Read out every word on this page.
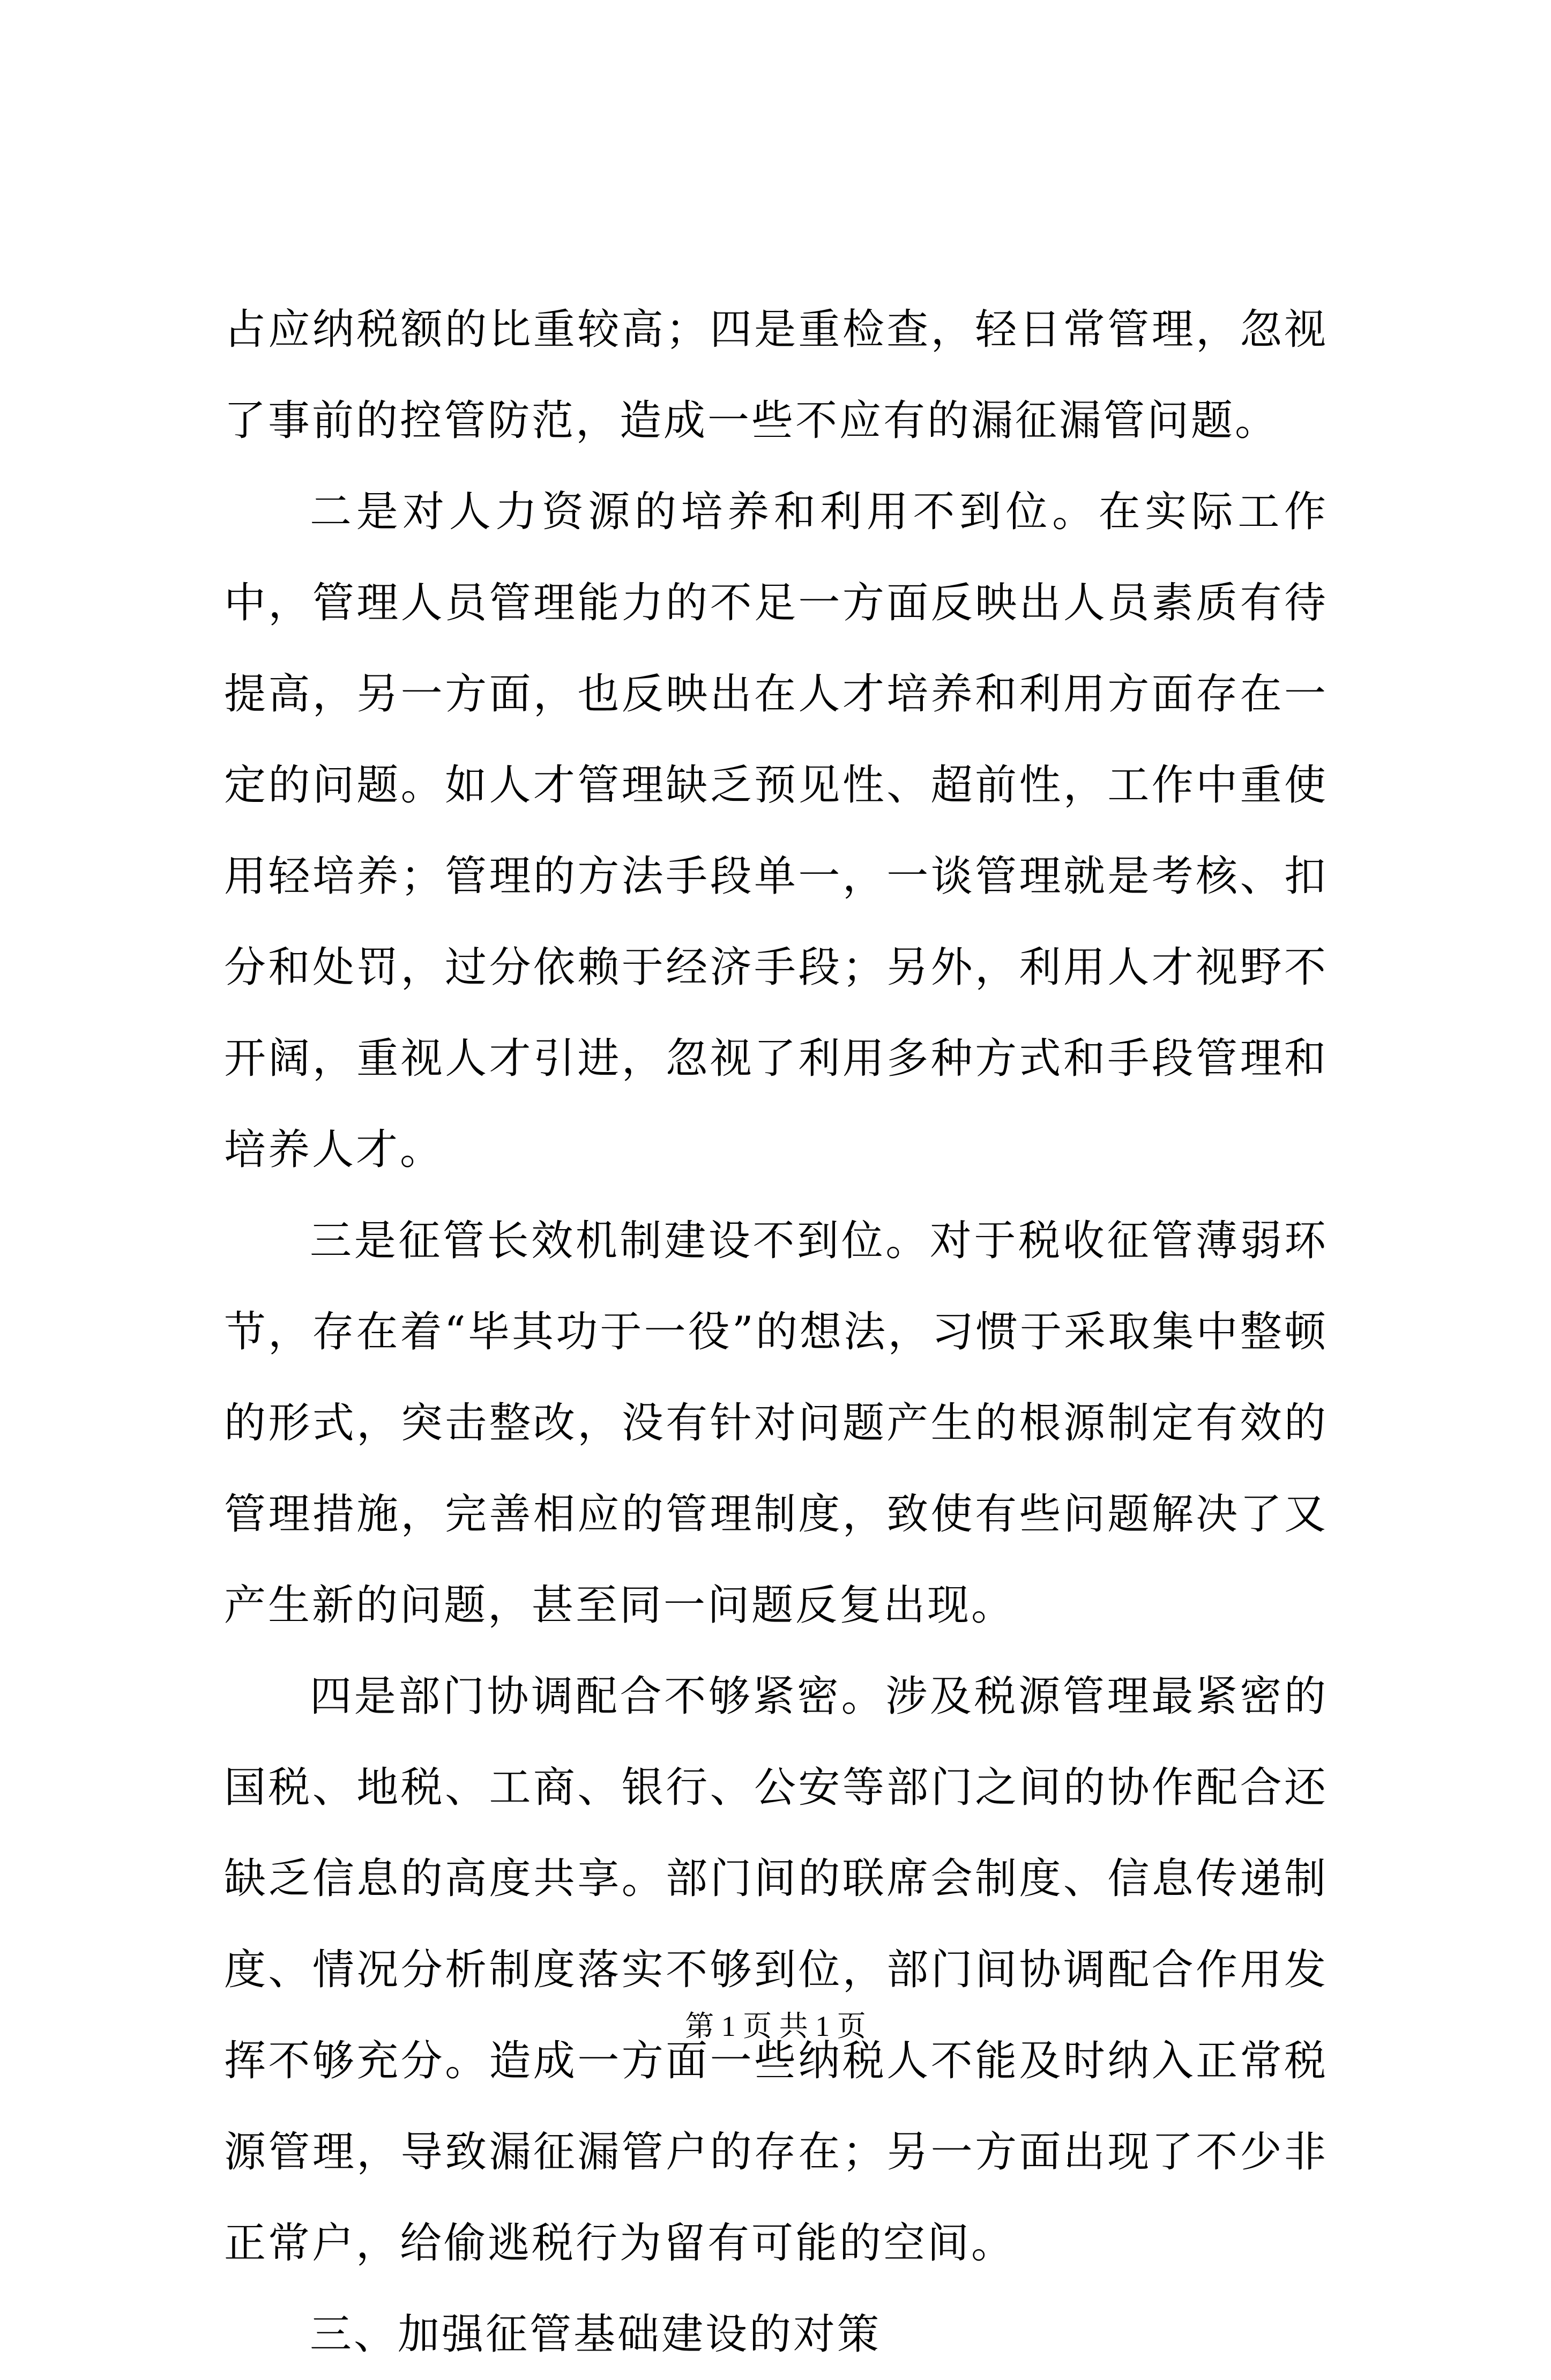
占应纳税额的比重较高；四是重检查，轻日常管理，忽视了事前的控管防范，造成一些不应有的漏征漏管问题。

二是对人力资源的培养和利用不到位。在实际工作中，管理人员管理能力的不足一方面反映出人员素质有待提高，另一方面，也反映出在人才培养和利用方面存在一定的问题。如人才管理缺乏预见性、超前性，工作中重使用轻培养；管理的方法手段单一，一谈管理就是考核、扣分和处罚，过分依赖于经济手段；另外，利用人才视野不开阔，重视人才引进，忽视了利用多种方式和手段管理和培养人才。

三是征管长效机制建设不到位。对于税收征管薄弱环节，存在着“毕其功于一役”的想法，习惯于采取集中整顿的形式，突击整改，没有针对问题产生的根源制定有效的管理措施，完善相应的管理制度，致使有些问题解决了又产生新的问题，甚至同一问题反复出现。

四是部门协调配合不够紧密。涉及税源管理最紧密的国税、地税、工商、银行、公安等部门之间的协作配合还缺乏信息的高度共享。部门间的联席会制度、信息传递制度、情况分析制度落实不够到位，部门间协调配合作用发挥不够充分。造成一方面一些纳税人不能及时纳入正常税源管理，导致漏征漏管户的存在；另一方面出现了不少非正常户，给偷逃税行为留有可能的空间。

三、加强征管基础建设的对策

第 1 页 共 1 页
